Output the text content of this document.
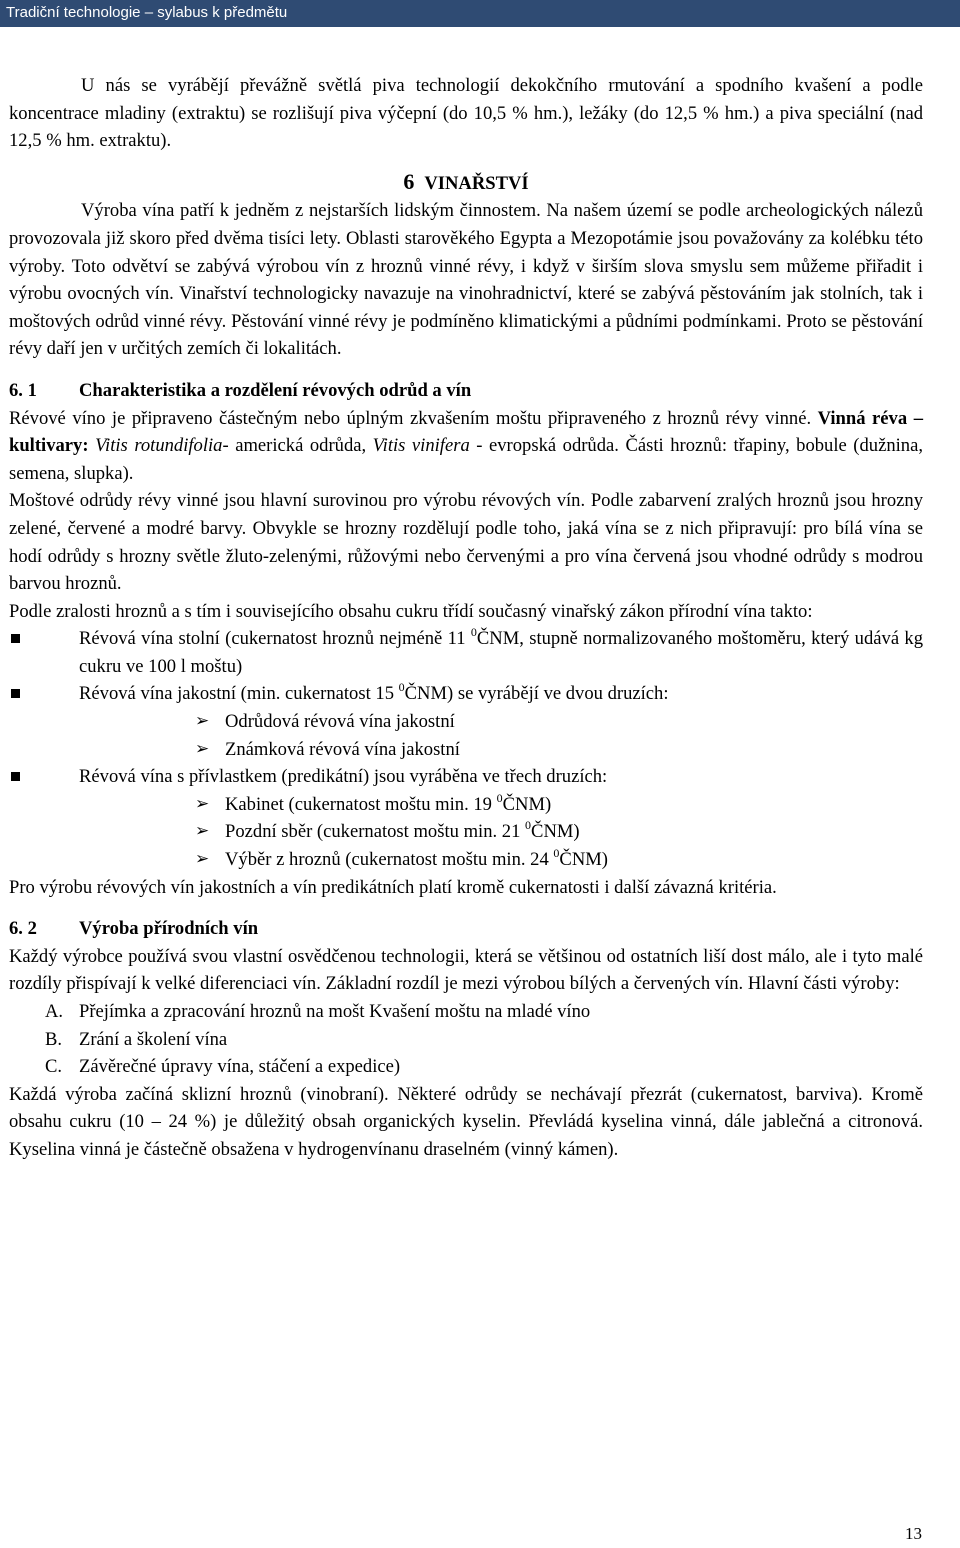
Tradiční technologie – sylabus k předmětu

U nás se vyrábějí převážně světlá piva technologií dekokčního rmutování a spodního kvašení a podle koncentrace mladiny (extraktu) se rozlišují piva výčepní (do 10,5 % hm.), ležáky (do 12,5 % hm.) a piva speciální (nad 12,5 % hm. extraktu).

6 VINAŘSTVÍ

Výroba vína patří k jedněm z nejstarších lidským činnostem. Na našem území se podle archeologických nálezů provozovala již skoro před dvěma tisíci lety. Oblasti starověkého Egypta a Mezopotámie jsou považovány za kolébku této výroby. Toto odvětví se zabývá výrobou vín z hroznů vinné révy, i když v širším slova smyslu sem můžeme přiřadit i výrobu ovocných vín. Vinařství technologicky navazuje na vinohradnictví, které se zabývá pěstováním jak stolních, tak i moštových odrůd vinné révy. Pěstování vinné révy je podmíněno klimatickými a půdními podmínkami. Proto se pěstování révy daří jen v určitých zemích či lokalitách.

6. 1 Charakteristika a rozdělení révových odrůd a vín

Révové víno je připraveno částečným nebo úplným zkvašením moštu připraveného z hroznů révy vinné. Vinná réva – kultivary: Vitis rotundifolia- americká odrůda, Vitis vinifera - evropská odrůda. Části hroznů: třapiny, bobule (dužnina, semena, slupka).

Moštové odrůdy révy vinné jsou hlavní surovinou pro výrobu révových vín. Podle zabarvení zralých hroznů jsou hrozny zelené, červené a modré barvy. Obvykle se hrozny rozdělují podle toho, jaká vína se z nich připravují: pro bílá vína se hodí odrůdy s hrozny světle žluto-zelenými, růžovými nebo červenými a pro vína červená jsou vhodné odrůdy s modrou barvou hroznů.

Podle zralosti hroznů a s tím i souvisejícího obsahu cukru třídí současný vinařský zákon přírodní vína takto:

Révová vína stolní (cukernatost hroznů nejméně 11 $^0$ČNM, stupně normalizovaného moštoměru, který udává kg cukru ve 100 l moštu)
Révová vína jakostní (min. cukernatost 15 $^0$ČNM) se vyrábějí ve dvou druzích:
➢ Odrůdová révová vína jakostní
➢ Známková révová vína jakostní
Révová vína s přívlastkem (predikátní) jsou vyráběna ve třech druzích:
➢ Kabinet (cukernatost moštu min. 19 $^0$ČNM)
➢ Pozdní sběr (cukernatost moštu min. 21 $^0$ČNM)
➢ Výběr z hroznů (cukernatost moštu min. 24 $^0$ČNM)

Pro výrobu révových vín jakostních a vín predikátních platí kromě cukernatosti i další závazná kritéria.

6. 2 Výroba přírodních vín

Každý výrobce používá svou vlastní osvědčenou technologii, která se většinou od ostatních liší dost málo, ale i tyto malé rozdíly přispívají k velké diferenciaci vín. Základní rozdíl je mezi výrobou bílých a červených vín. Hlavní části výroby:

A. Přejímka a zpracování hroznů na mošt Kvašení moštu na mladé víno
B. Zrání a školení vína
C. Závěrečné úpravy vína, stáčení a expedice)

Každá výroba začíná sklizní hroznů (vinobraní). Některé odrůdy se nechávají přezrát (cukernatost, barviva). Kromě obsahu cukru (10 – 24 %) je důležitý obsah organických kyselin. Převládá kyselina vinná, dále jablečná a citronová. Kyselina vinná je částečně obsažena v hydrogenvínanu draselném (vinný kámen).

13
